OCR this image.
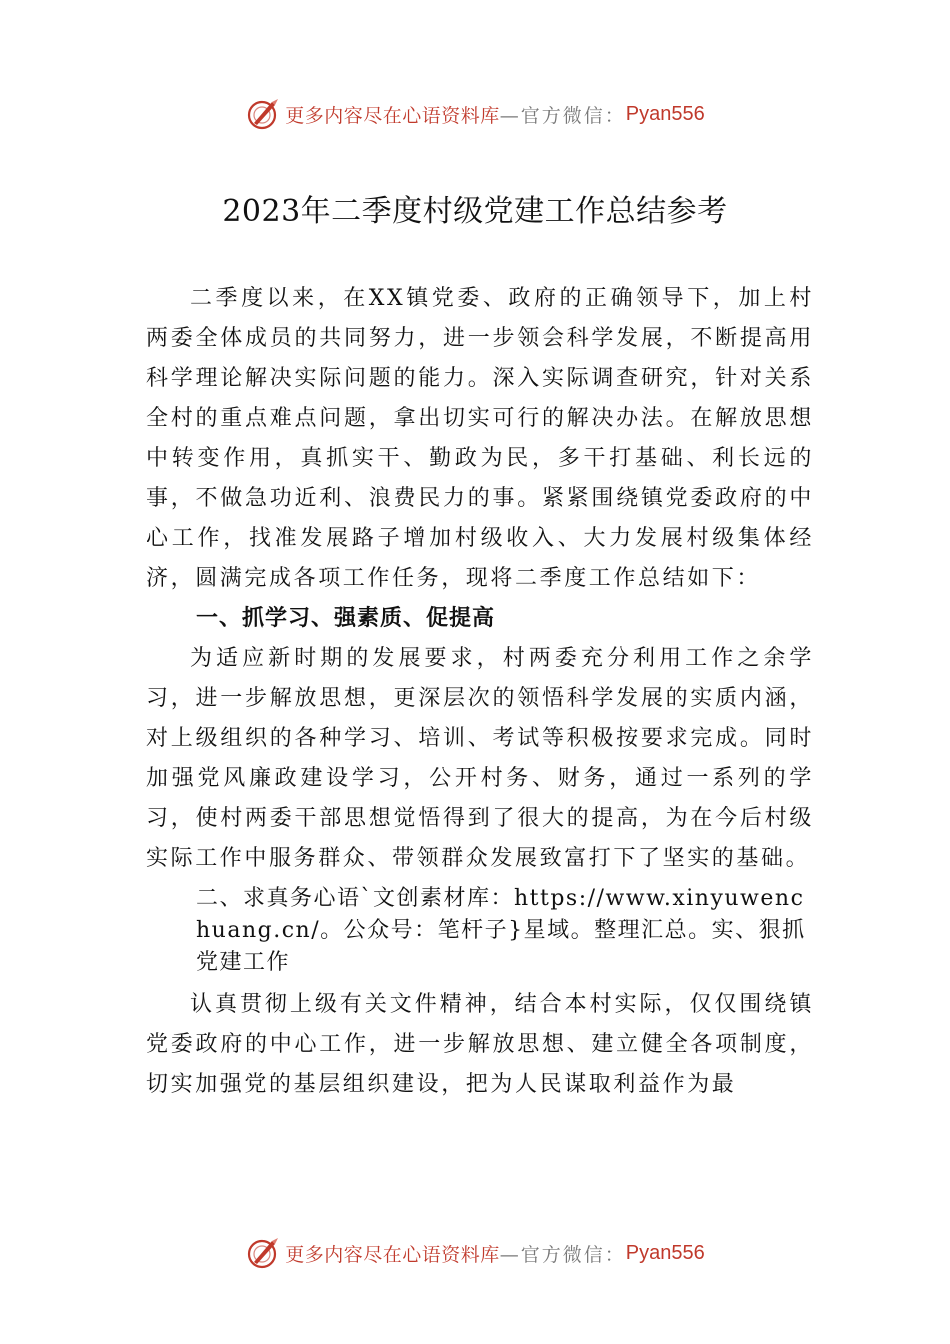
更多内容尽在心语资料库 —官方微信： Pyan556
2023年二季度村级党建工作总结参考

二季度以来，在XX镇党委、政府的正确领导下，加上村两委全体成员的共同努力，进一步领会科学发展，不断提高用科学理论解决实际问题的能力。深入实际调查研究，针对关系全村的重点难点问题，拿出切实可行的解决办法。在解放思想中转变作用，真抓实干、勤政为民，多干打基础、利长远的事，不做急功近利、浪费民力的事。紧紧围绕镇党委政府的中心工作，找准发展路子增加村级收入、大力发展村级集体经济，圆满完成各项工作任务，现将二季度工作总结如下：

一、抓学习、强素质、促提高

为适应新时期的发展要求，村两委充分利用工作之余学习，进一步解放思想，更深层次的领悟科学发展的实质内涵，对上级组织的各种学习、培训、考试等积极按要求完成。同时加强党风廉政建设学习，公开村务、财务，通过一系列的学习，使村两委干部思想觉悟得到了很大的提高，为在今后村级实际工作中服务群众、带领群众发展致富打下了坚实的基础。

二、求真务心语`文创素材库：https://www.xinyuwenchuang.cn/。公众号：笔杆子}星域。整理汇总。实、狠抓党建工作

认真贯彻上级有关文件精神，结合本村实际，仅仅围绕镇党委政府的中心工作，进一步解放思想、建立健全各项制度，切实加强党的基层组织建设，把为人民谋取利益作为最

更多内容尽在心语资料库 —官方微信： Pyan556
